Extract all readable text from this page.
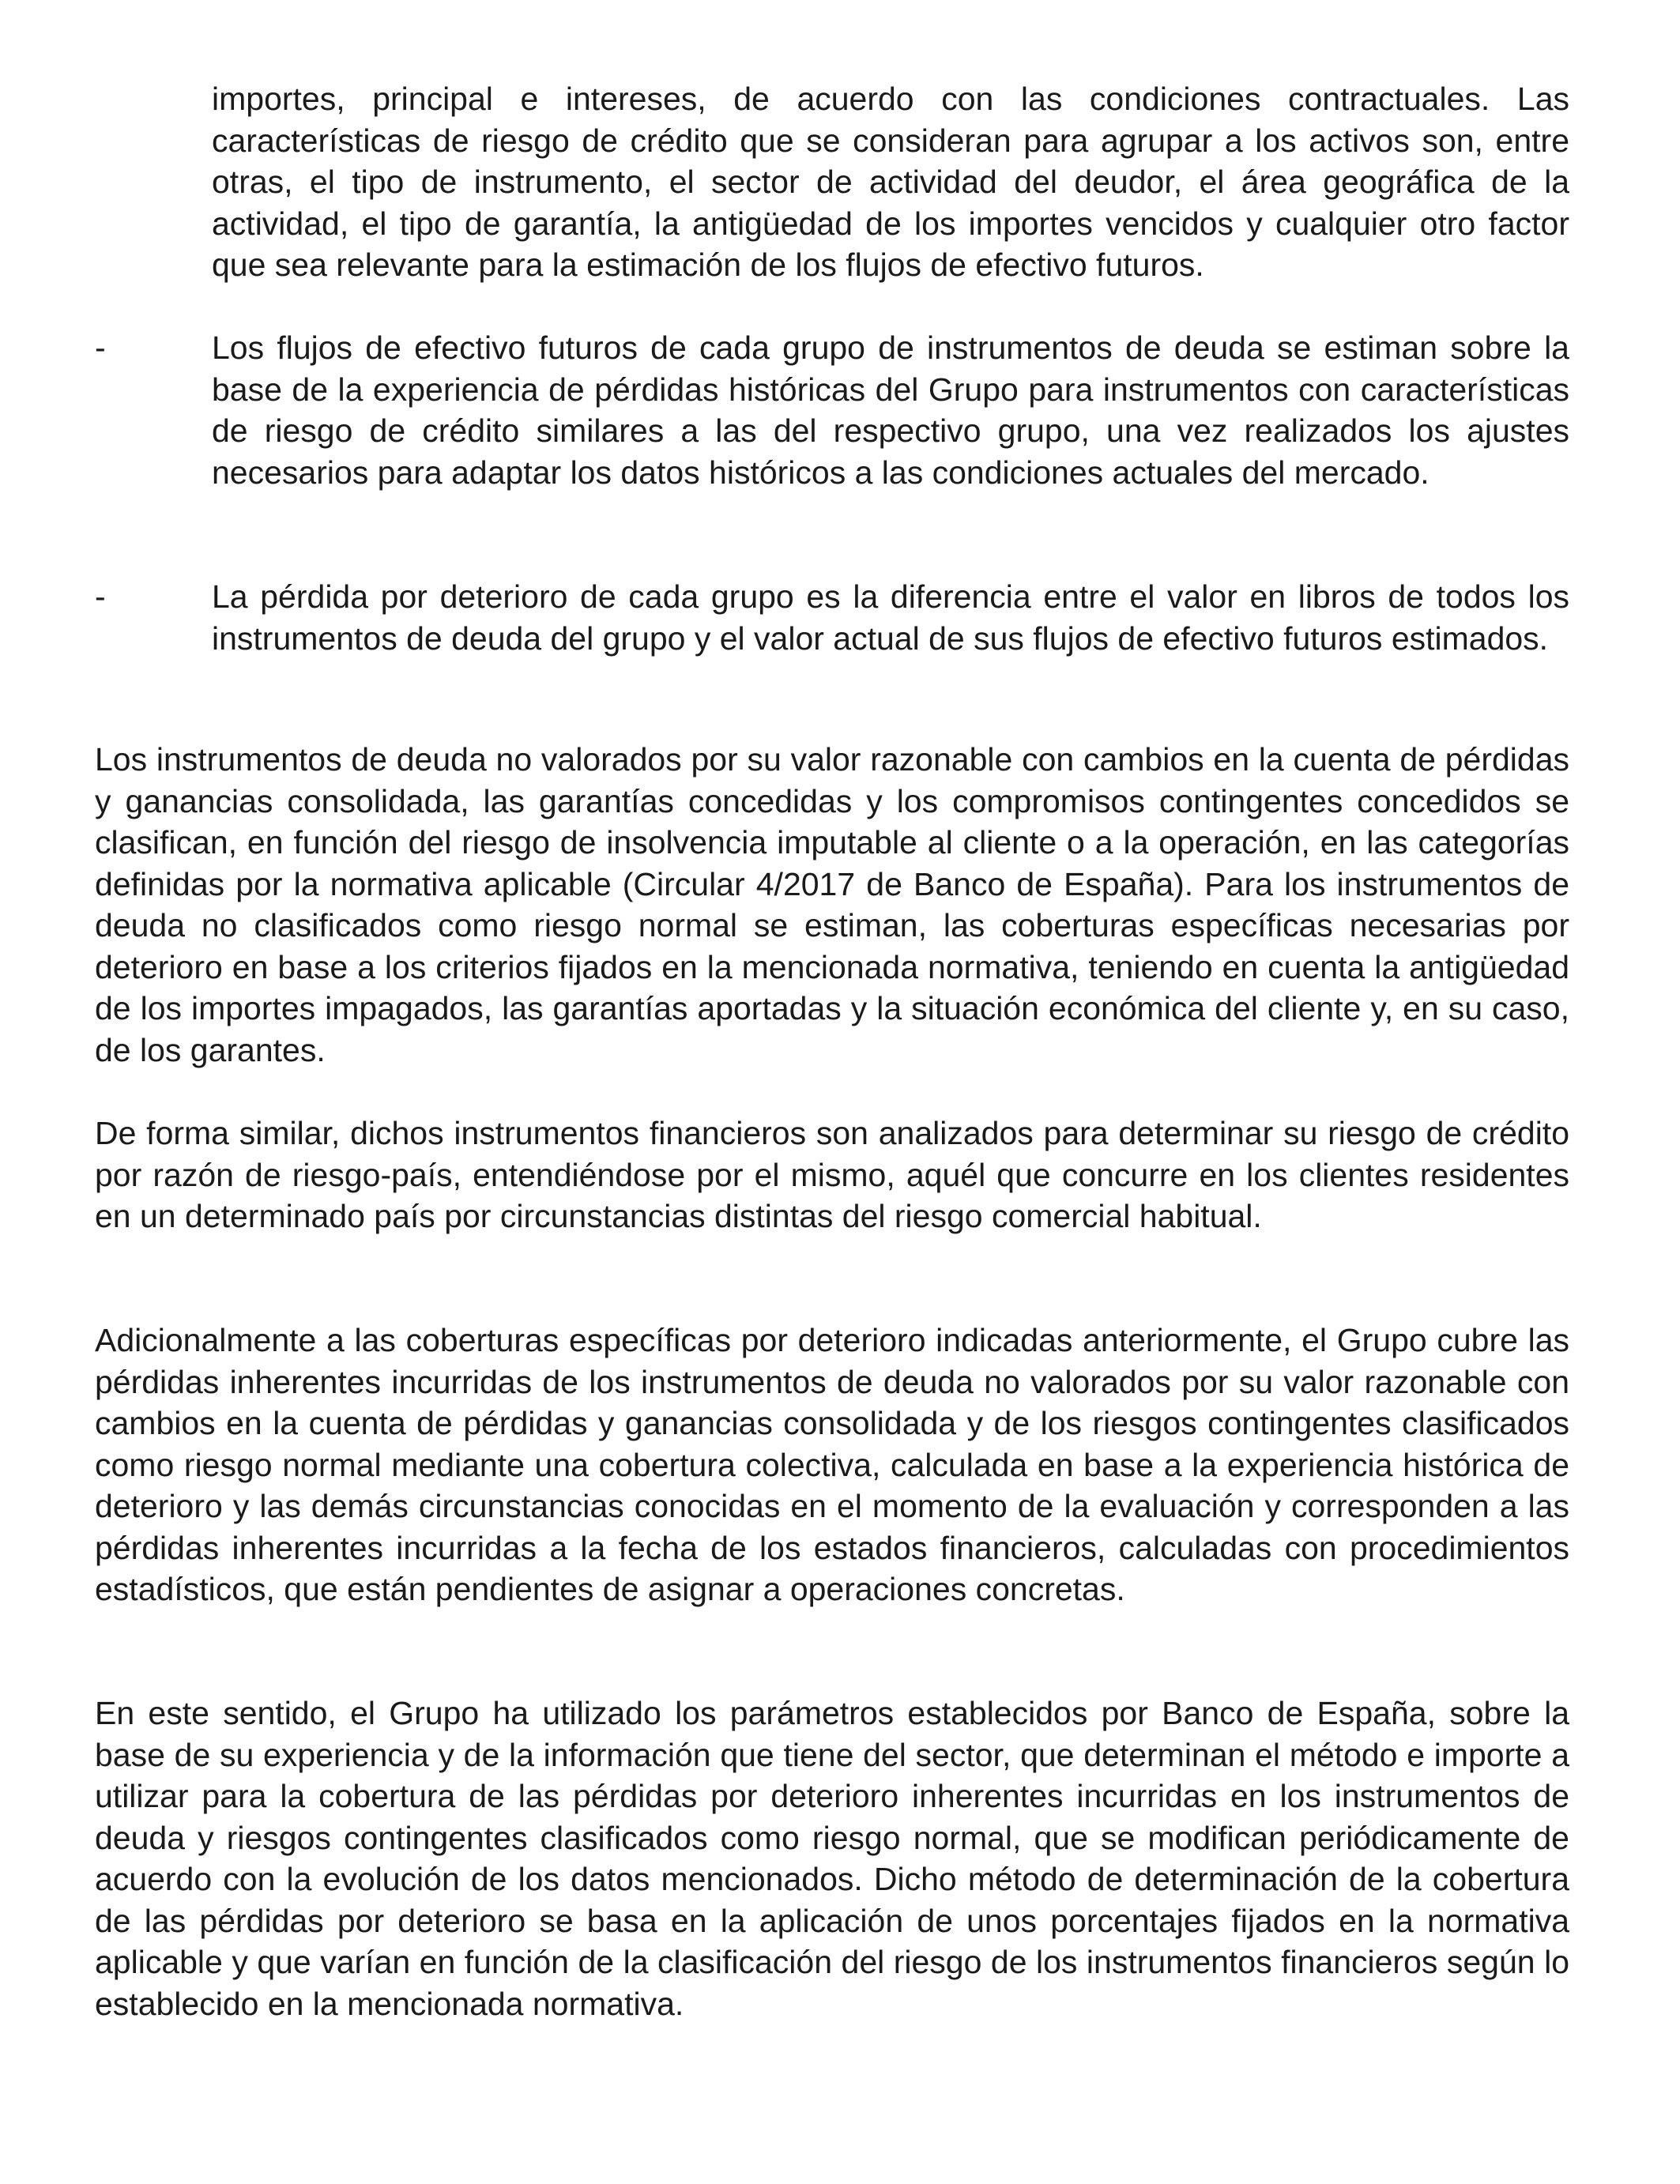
importes, principal e intereses, de acuerdo con las condiciones contractuales. Las características de riesgo de crédito que se consideran para agrupar a los activos son, entre otras, el tipo de instrumento, el sector de actividad del deudor, el área geográfica de la actividad, el tipo de garantía, la antigüedad de los importes vencidos y cualquier otro factor que sea relevante para la estimación de los flujos de efectivo futuros.
-	Los flujos de efectivo futuros de cada grupo de instrumentos de deuda se estiman sobre la base de la experiencia de pérdidas históricas del Grupo para instrumentos con características de riesgo de crédito similares a las del respectivo grupo, una vez realizados los ajustes necesarios para adaptar los datos históricos a las condiciones actuales del mercado.
-	La pérdida por deterioro de cada grupo es la diferencia entre el valor en libros de todos los instrumentos de deuda del grupo y el valor actual de sus flujos de efectivo futuros estimados.
Los instrumentos de deuda no valorados por su valor razonable con cambios en la cuenta de pérdidas y ganancias consolidada, las garantías concedidas y los compromisos contingentes concedidos se clasifican, en función del riesgo de insolvencia imputable al cliente o a la operación, en las categorías definidas por la normativa aplicable (Circular 4/2017 de Banco de España). Para los instrumentos de deuda no clasificados como riesgo normal se estiman, las coberturas específicas necesarias por deterioro en base a los criterios fijados en la mencionada normativa, teniendo en cuenta la antigüedad de los importes impagados, las garantías aportadas y la situación económica del cliente y, en su caso, de los garantes.
De forma similar, dichos instrumentos financieros son analizados para determinar su riesgo de crédito por razón de riesgo-país, entendiéndose por el mismo, aquél que concurre en los clientes residentes en un determinado país por circunstancias distintas del riesgo comercial habitual.
Adicionalmente a las coberturas específicas por deterioro indicadas anteriormente, el Grupo cubre las pérdidas inherentes incurridas de los instrumentos de deuda no valorados por su valor razonable con cambios en la cuenta de pérdidas y ganancias consolidada y de los riesgos contingentes clasificados como riesgo normal mediante una cobertura colectiva, calculada en base a la experiencia histórica de deterioro y las demás circunstancias conocidas en el momento de la evaluación y corresponden a las pérdidas inherentes incurridas a la fecha de los estados financieros, calculadas con procedimientos estadísticos, que están pendientes de asignar a operaciones concretas.
En este sentido, el Grupo ha utilizado los parámetros establecidos por Banco de España, sobre la base de su experiencia y de la información que tiene del sector, que determinan el método e importe a utilizar para la cobertura de las pérdidas por deterioro inherentes incurridas en los instrumentos de deuda y riesgos contingentes clasificados como riesgo normal, que se modifican periódicamente de acuerdo con la evolución de los datos mencionados. Dicho método de determinación de la cobertura de las pérdidas por deterioro se basa en la aplicación de unos porcentajes fijados en la normativa aplicable y que varían en función de la clasificación del riesgo de los instrumentos financieros según lo establecido en la mencionada normativa.
